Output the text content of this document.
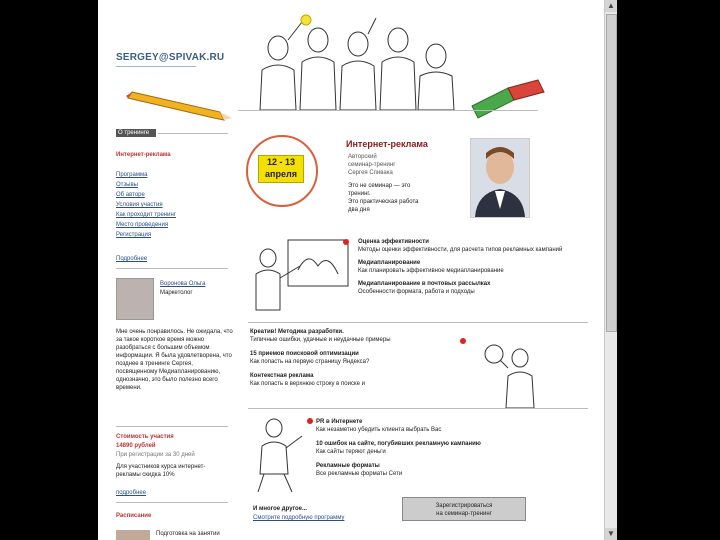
SERGEY@SPIVAK.RU
О тренинге
Интернет-реклама
Программа
Отзывы
Об авторе
Условия участия
Как проходит тренинг
Место проведения
Регистрация
Подробнее
Воронова Ольга
Маркетолог
Мне очень понравилось. Не ожидала, что за такое короткое время можно разобраться с большим объемом информации. Я была удовлетворена, что позднее в тренинге Сергея, посвященному Медиапланированию, однозначно, это было полезно всего времени.
Стоимость участия
14890 рублей
При регистрации за 30 дней
Для участников курса интернет-рекламы скидка 10%
подробнее
Расписание
Подготовка на занятии
12 - 13
апреля
Интернет-реклама
Авторский
семинар-тренинг
Сергея Спивака
Это не семинар — это
тренинг.
Это практическая работа
два дня
Оценка эффективности
Методы оценки эффективности, для расчета типов рекламных кампаний
Медиапланирование
Как планировать эффективное медиапланирование
Медиапланирование в почтовых рассылках
Особенности формата, работа и подходы
Креатив! Методика разработки.
Типичные ошибки, удачные и неудачные примеры
15 приемов поисковой оптимизации
Как попасть на первую страницу Яндекса?
Контекстная реклама
Как попасть в верхнюю строку в поиске и
PR в Интернете
Как незаметно убедить клиента выбрать Вас
10 ошибок на сайте, погубивших рекламную кампанию
Как сайты теряют деньги
Рекламные форматы
Все рекламные форматы Сети
И многое другое...
Смотрите подробную программу
Зарегистрироваться
на семинар-тренинг
▲
▼
